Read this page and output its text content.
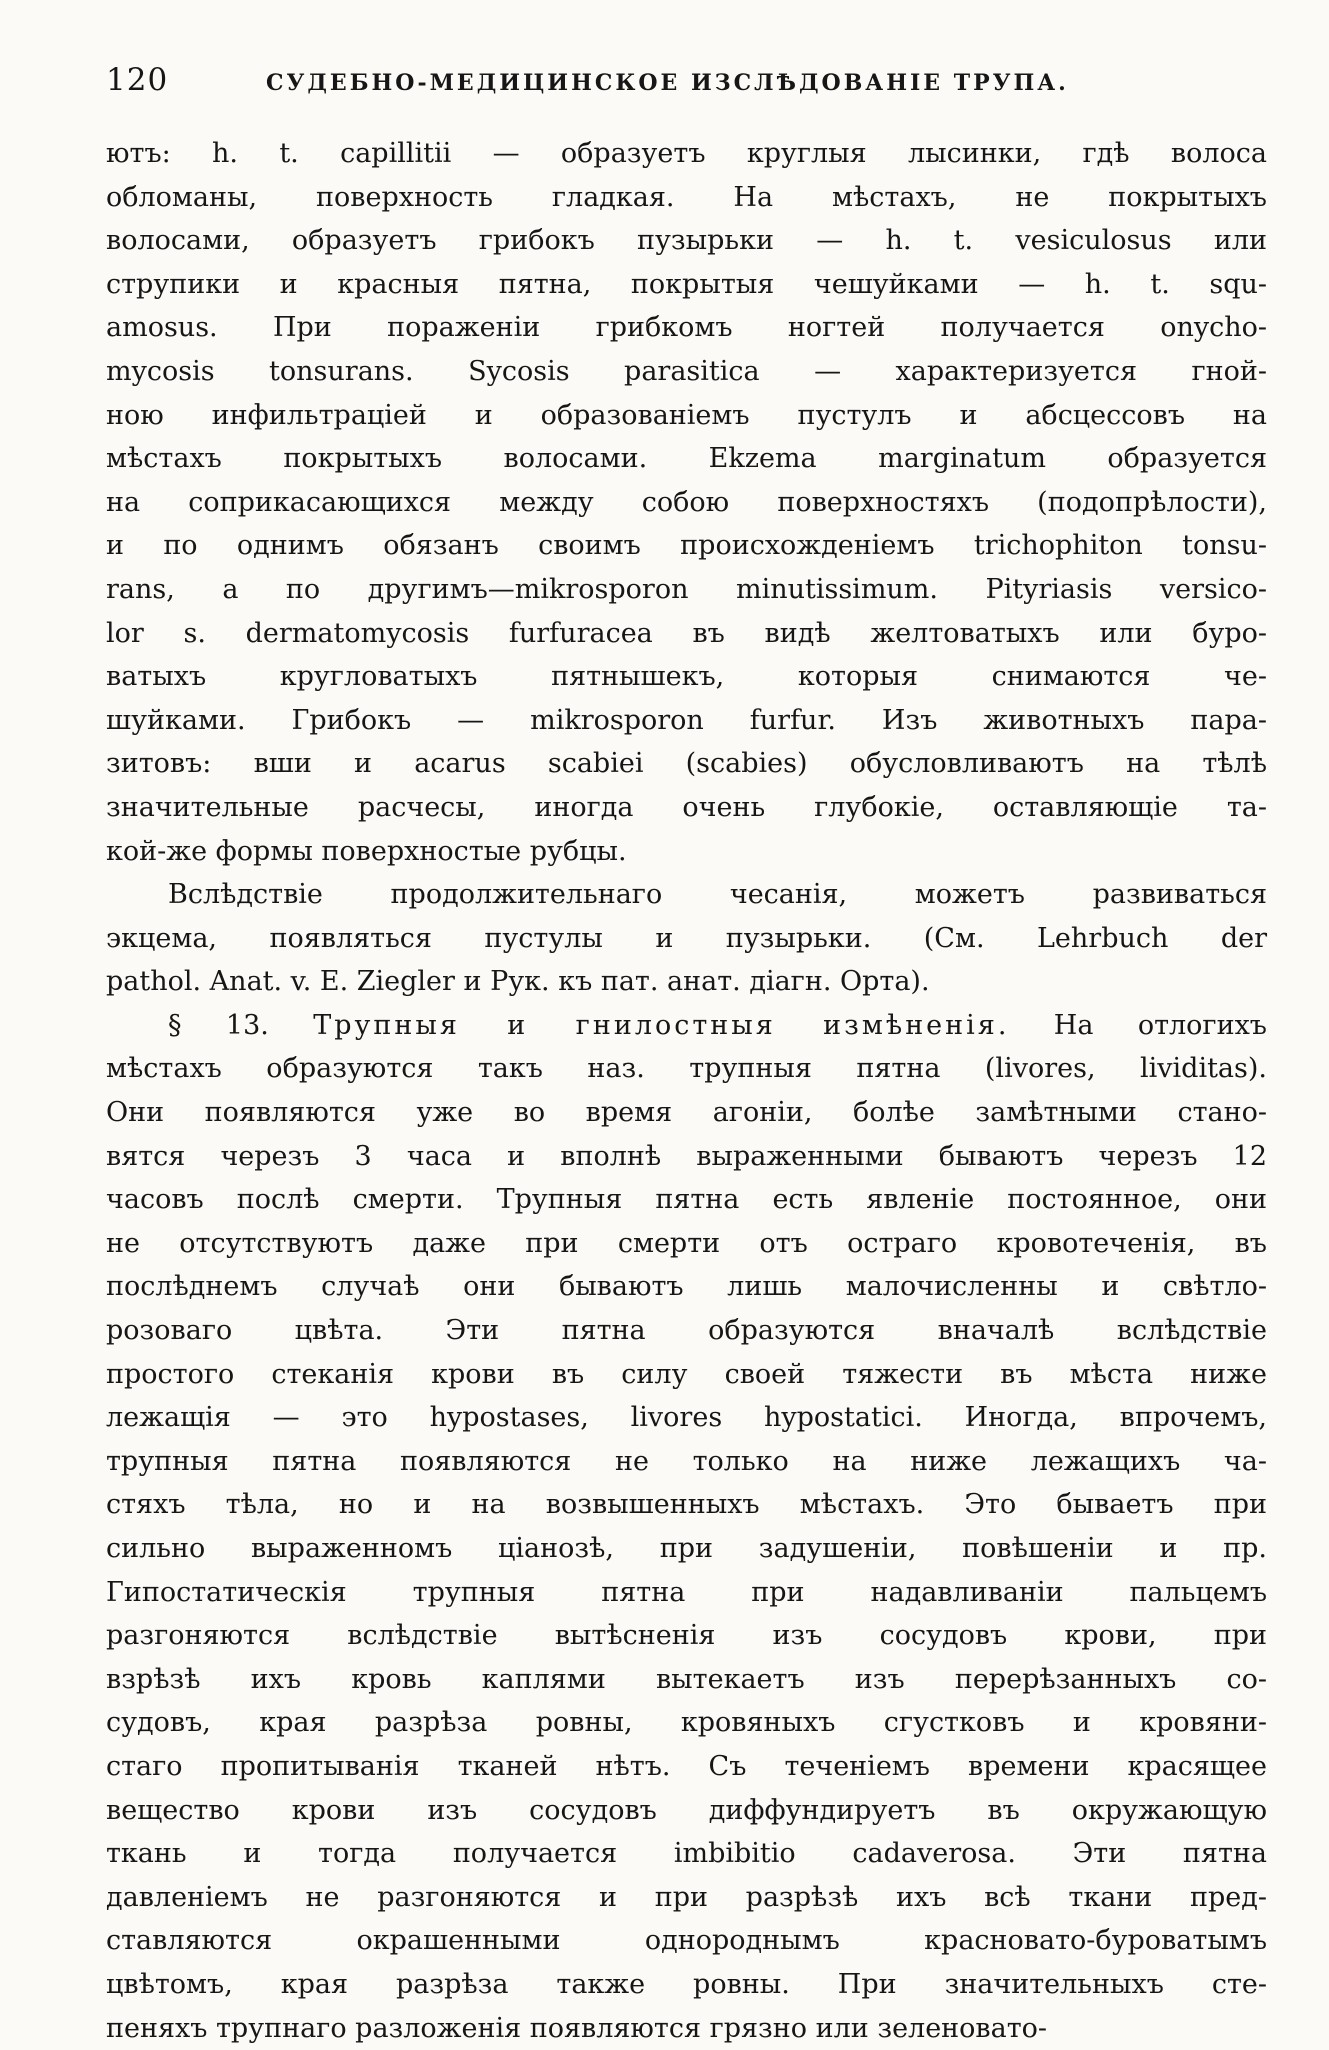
120	СУДЕБНО-МЕДИЦИНСКОЕ ИЗСЛѢДОВАНІЕ ТРУПА.
ютъ: h. t. capillitii — образуетъ круглыя лысинки, гдѣ волоса
обломаны, поверхность гладкая. На мѣстахъ, не покрытыхъ
волосами, образуетъ грибокъ пузырьки — h. t. vesiculosus или
струпики и красныя пятна, покрытыя чешуйками — h. t. squ-
amosus. При пораженіи грибкомъ ногтей получается onycho-
mycosis tonsurans. Sycosis parasitica — характеризуется гной-
ною инфильтраціей и образованіемъ пустулъ и абсцессовъ на
мѣстахъ покрытыхъ волосами. Ekzema marginatum образуется
на соприкасающихся между собою поверхностяхъ (подопрѣлости),
и по однимъ обязанъ своимъ происхожденіемъ trichophiton tonsu-
rans, а по другимъ—mikrosporon minutissimum. Pityriasis versico-
lor s. dermatomycosis furfuracea въ видѣ желтоватыхъ или буро-
ватыхъ кругловатыхъ пятнышекъ, которыя снимаются че-
шуйками. Грибокъ — mikrosporon furfur. Изъ животныхъ пара-
зитовъ: вши и acarus scabiei (scabies) обусловливаютъ на тѣлѣ
значительные расчесы, иногда очень глубокіе, оставляющіе та-
кой-же формы поверхностые рубцы.
Вслѣдствіе продолжительнаго чесанія, можетъ развиваться
экцема, появляться пустулы и пузырьки. (См. Lehrbuch der
pathol. Anat. v. E. Ziegler и Рук. къ пат. анат. діагн. Орта).
§ 13. Трупныя и гнилостныя измѣненія. На отлогихъ
мѣстахъ образуются такъ наз. трупныя пятна (livores, lividitas).
Они появляются уже во время агоніи, болѣе замѣтными стано-
вятся черезъ 3 часа и вполнѣ выраженными бываютъ черезъ 12
часовъ послѣ смерти. Трупныя пятна есть явленіе постоянное, они
не отсутствуютъ даже при смерти отъ остраго кровотеченія, въ
послѣднемъ случаѣ они бываютъ лишь малочисленны и свѣтло-
розоваго цвѣта. Эти пятна образуются вначалѣ вслѣдствіе
простого стеканія крови въ силу своей тяжести въ мѣста ниже
лежащія — это hypostases, livores hypostatici. Иногда, впрочемъ,
трупныя пятна появляются не только на ниже лежащихъ ча-
стяхъ тѣла, но и на возвышенныхъ мѣстахъ. Это бываетъ при
сильно выраженномъ ціанозѣ, при задушеніи, повѣшеніи и пр.
Гипостатическія трупныя пятна при надавливаніи пальцемъ
разгоняются вслѣдствіе вытѣсненія изъ сосудовъ крови, при
взрѣзѣ ихъ кровь каплями вытекаетъ изъ перерѣзанныхъ со-
судовъ, края разрѣза ровны, кровяныхъ сгустковъ и кровяни-
стаго пропитыванія тканей нѣтъ. Съ теченіемъ времени красящее
вещество крови изъ сосудовъ диффундируетъ въ окружающую
ткань и тогда получается imbibitio cadaverosa. Эти пятна
давленіемъ не разгоняются и при разрѣзѣ ихъ всѣ ткани пред-
ставляются окрашенными однороднымъ красновато-буроватымъ
цвѣтомъ, края разрѣза также ровны. При значительныхъ сте-
пеняхъ трупнаго разложенія появляются грязно или зеленовато-
